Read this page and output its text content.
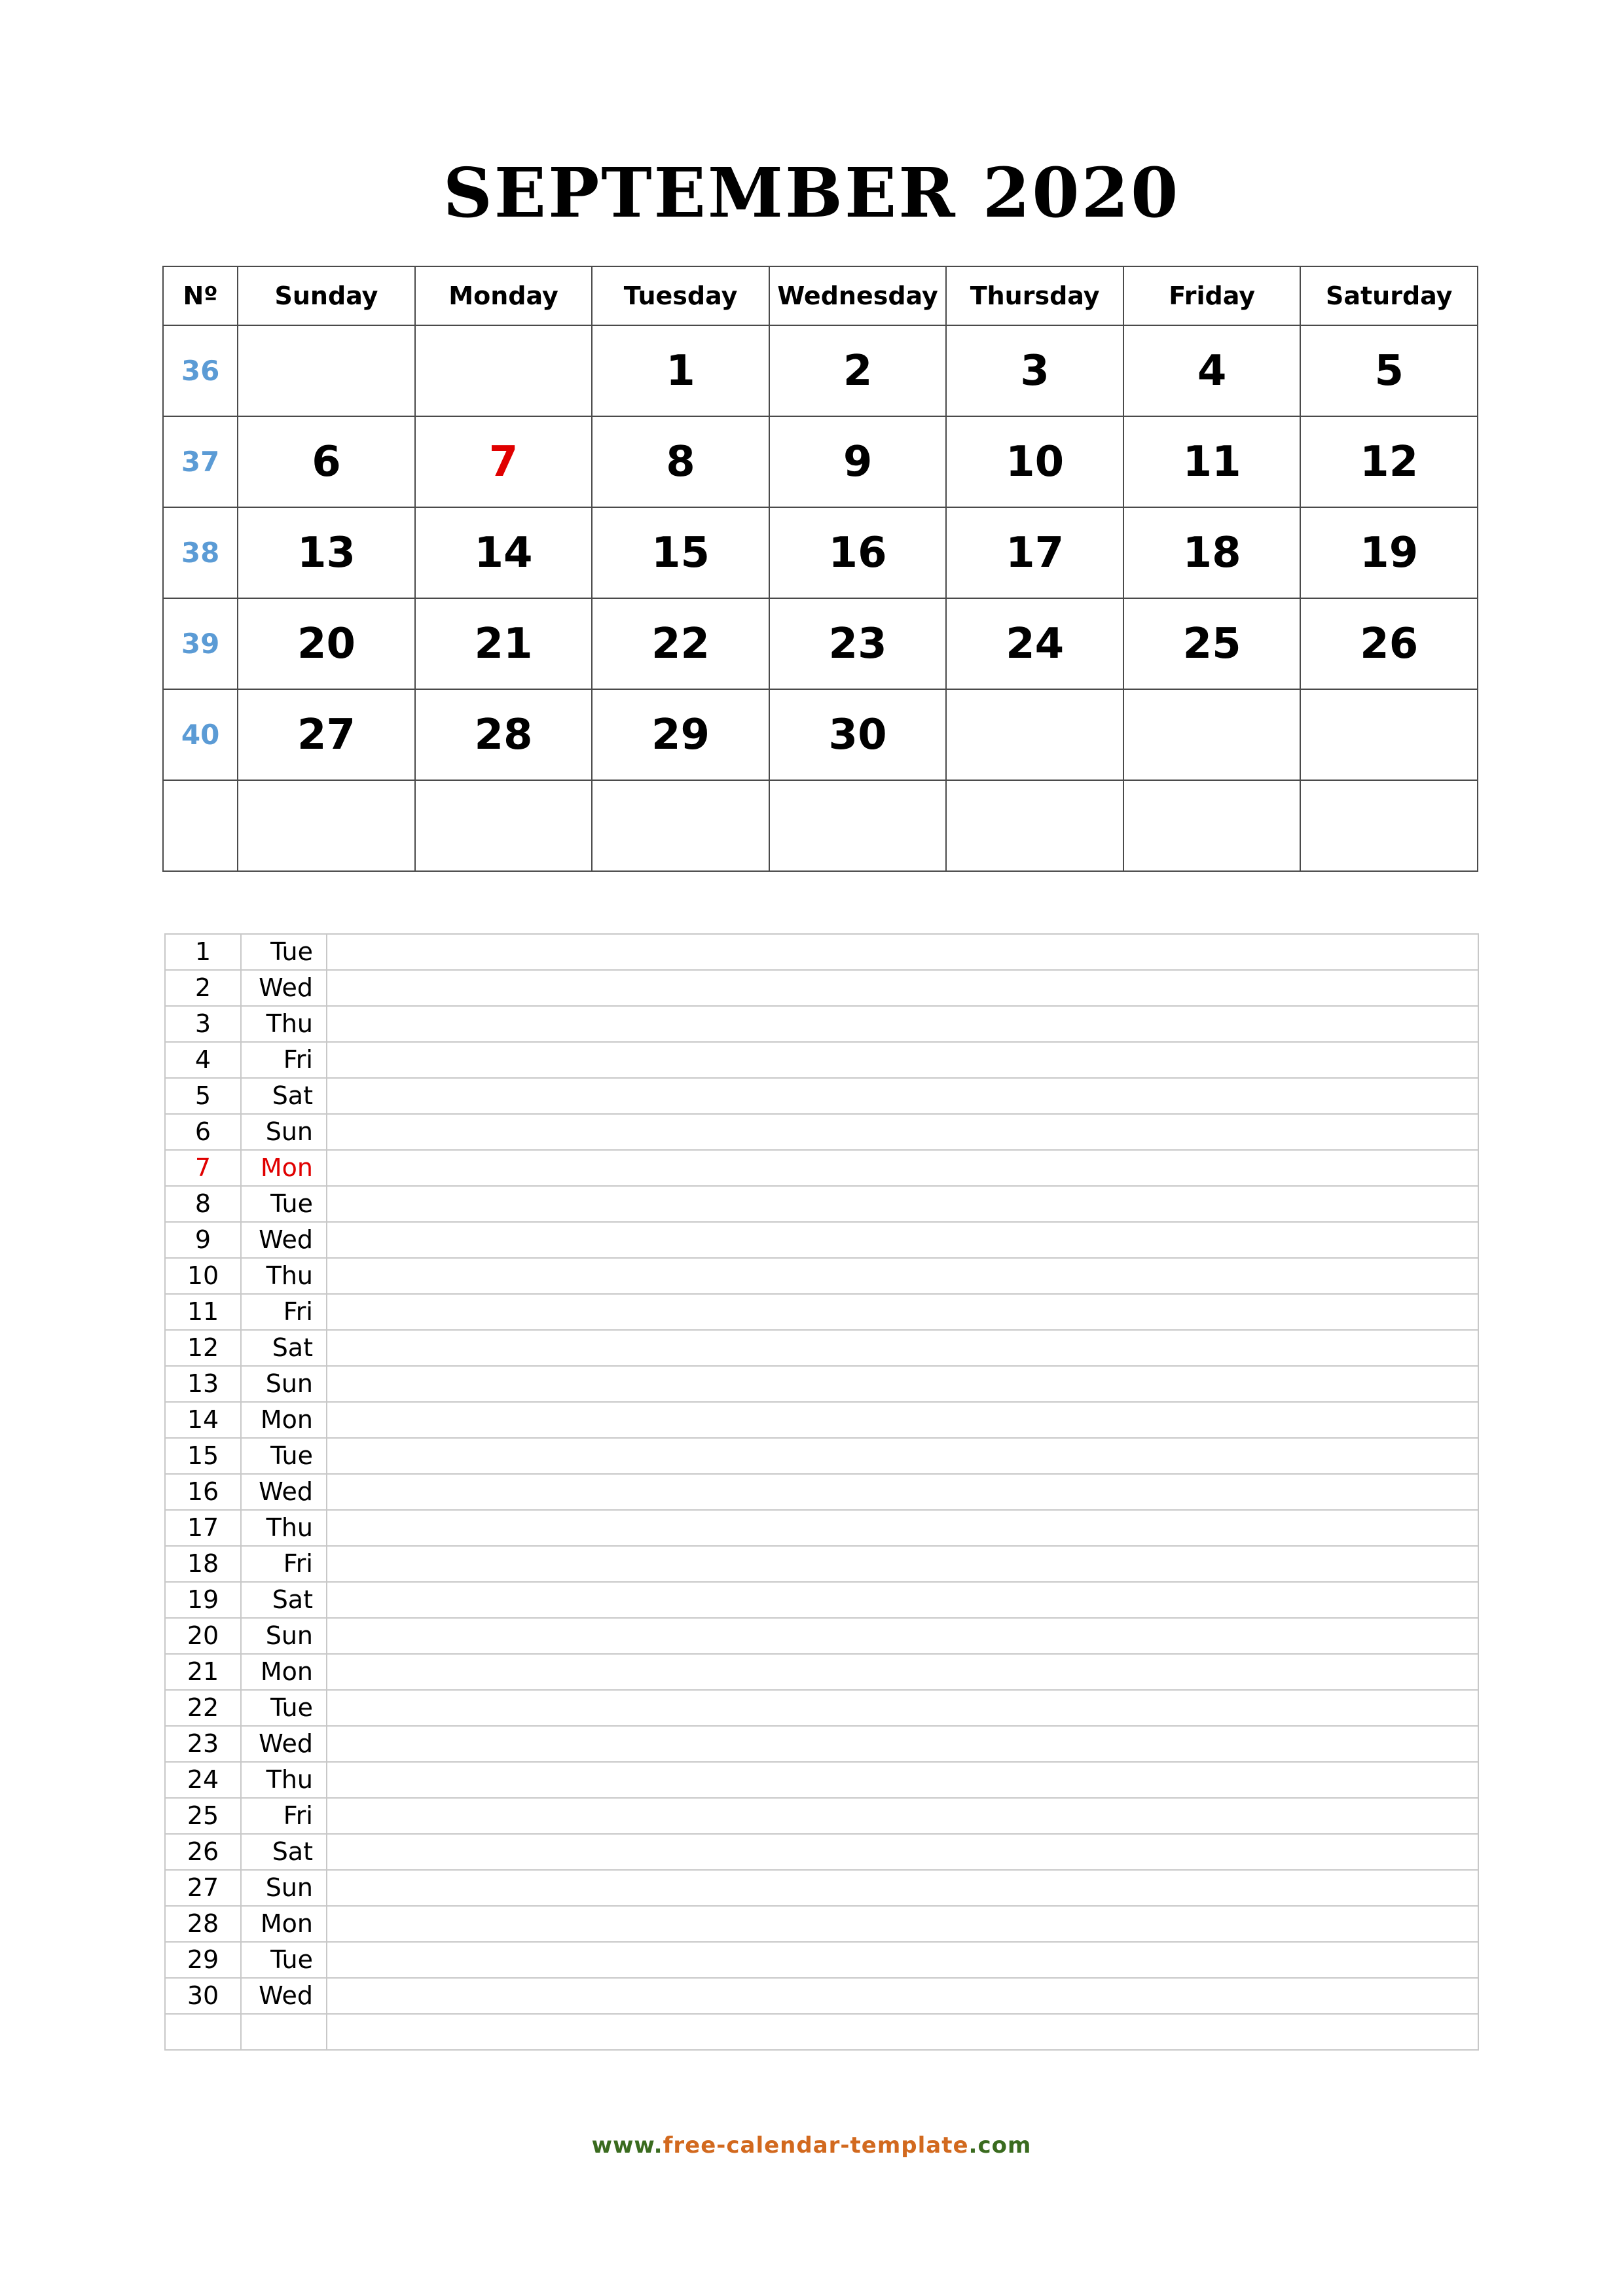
SEPTEMBER 2020
Nº	Sunday	Monday	Tuesday	Wednesday	Thursday	Friday	Saturday
36			1	2	3	4	5
37	6	7	8	9	10	11	12
38	13	14	15	16	17	18	19
39	20	21	22	23	24	25	26
40	27	28	29	30			

1	Tue	
2	Wed	
3	Thu	
4	Fri	
5	Sat	
6	Sun	
7	Mon	
8	Tue	
9	Wed	
10	Thu	
11	Fri	
12	Sat	
13	Sun	
14	Mon	
15	Tue	
16	Wed	
17	Thu	
18	Fri	
19	Sat	
20	Sun	
21	Mon	
22	Tue	
23	Wed	
24	Thu	
25	Fri	
26	Sat	
27	Sun	
28	Mon	
29	Tue	
30	Wed	

www.free-calendar-template.com
